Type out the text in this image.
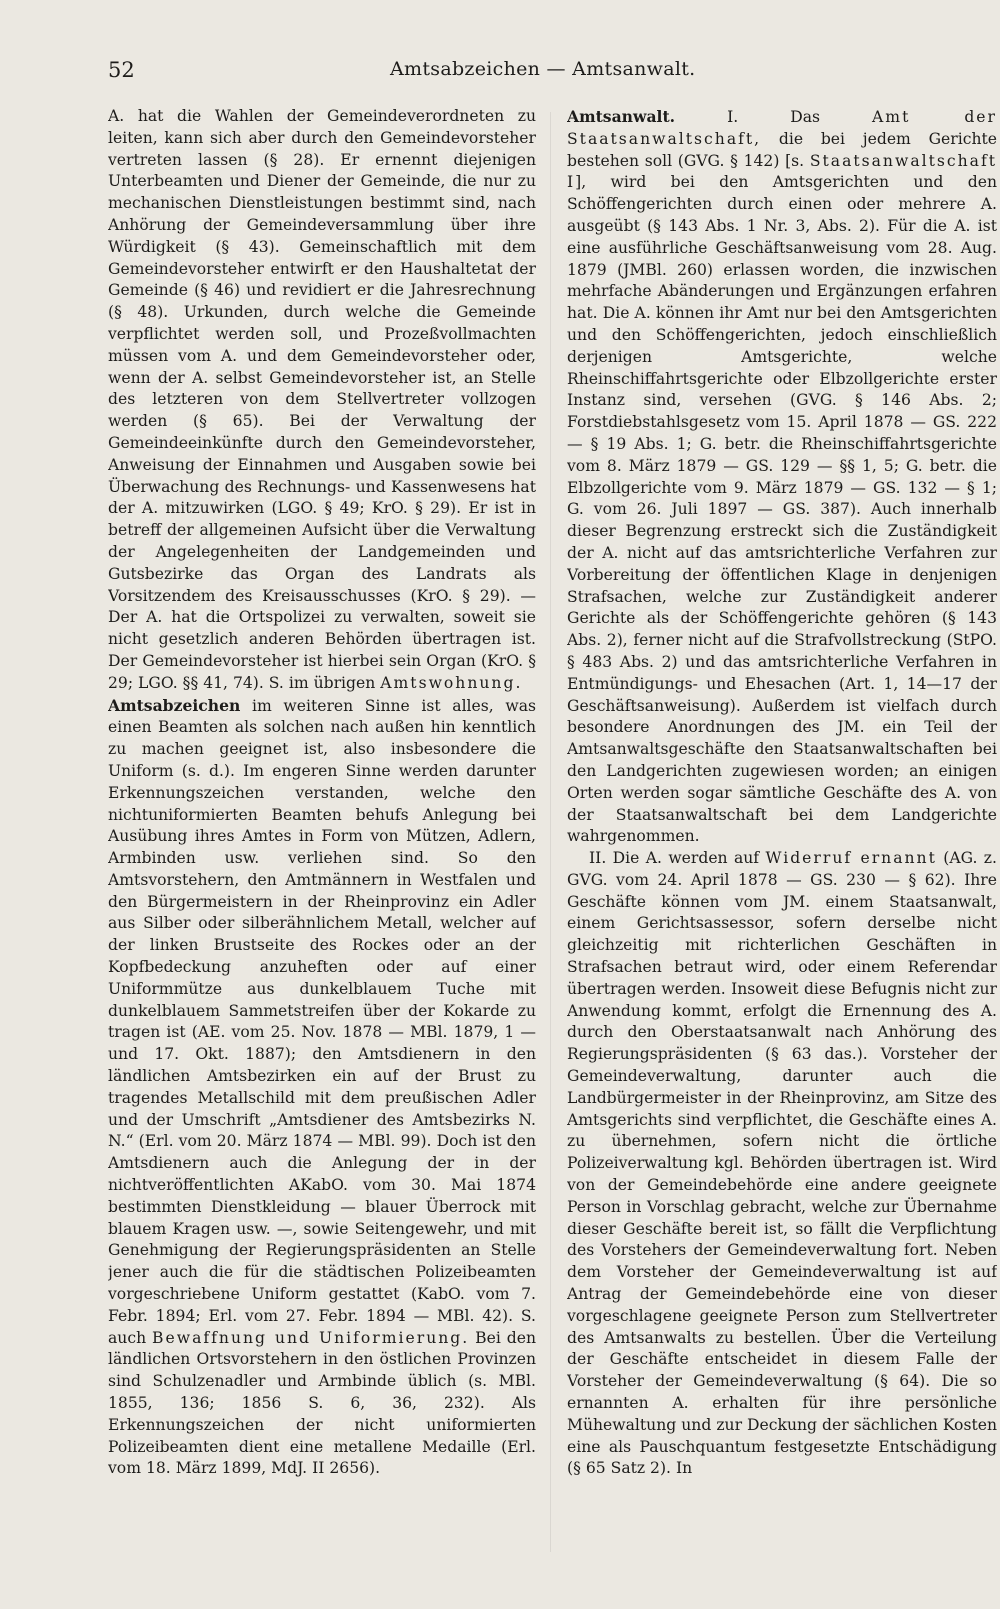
52	Amtsabzeichen — Amtsanwalt.

A. hat die Wahlen der Gemeindeverordneten zu leiten, kann sich aber durch den Gemeindevorsteher vertreten lassen (§ 28). Er ernennt diejenigen Unterbeamten und Diener der Gemeinde, die nur zu mechanischen Dienstleistungen bestimmt sind, nach Anhörung der Gemeindeversammlung über ihre Würdigkeit (§ 43). Gemeinschaftlich mit dem Gemeindevorsteher entwirft er den Haushaltetat der Gemeinde (§ 46) und revidiert er die Jahresrechnung (§ 48). Urkunden, durch welche die Gemeinde verpflichtet werden soll, und Prozeßvollmachten müssen vom A. und dem Gemeindevorsteher oder, wenn der A. selbst Gemeindevorsteher ist, an Stelle des letzteren von dem Stellvertreter vollzogen werden (§ 65). Bei der Verwaltung der Gemeindeeinkünfte durch den Gemeindevorsteher, Anweisung der Einnahmen und Ausgaben sowie bei Überwachung des Rechnungs- und Kassenwesens hat der A. mitzuwirken (LGO. § 49; KrO. § 29). Er ist in betreff der allgemeinen Aufsicht über die Verwaltung der Angelegenheiten der Landgemeinden und Gutsbezirke das Organ des Landrats als Vorsitzendem des Kreisausschusses (KrO. § 29). — Der A. hat die Ortspolizei zu verwalten, soweit sie nicht gesetzlich anderen Behörden übertragen ist. Der Gemeindevorsteher ist hierbei sein Organ (KrO. § 29; LGO. §§ 41, 74). S. im übrigen Amtswohnung.

Amtsabzeichen im weiteren Sinne ist alles, was einen Beamten als solchen nach außen hin kenntlich zu machen geeignet ist, also insbesondere die Uniform (s. d.). Im engeren Sinne werden darunter Erkennungszeichen verstanden, welche den nichtuniformierten Beamten behufs Anlegung bei Ausübung ihres Amtes in Form von Mützen, Adlern, Armbinden usw. verliehen sind. So den Amtsvorstehern, den Amtmännern in Westfalen und den Bürgermeistern in der Rheinprovinz ein Adler aus Silber oder silberähnlichem Metall, welcher auf der linken Brustseite des Rockes oder an der Kopfbedeckung anzuheften oder auf einer Uniformmütze aus dunkelblauem Tuche mit dunkelblauem Sammetstreifen über der Kokarde zu tragen ist (AE. vom 25. Nov. 1878 — MBl. 1879, 1 — und 17. Okt. 1887); den Amtsdienern in den ländlichen Amtsbezirken ein auf der Brust zu tragendes Metallschild mit dem preußischen Adler und der Umschrift „Amtsdiener des Amtsbezirks N. N.“ (Erl. vom 20. März 1874 — MBl. 99). Doch ist den Amtsdienern auch die Anlegung der in der nichtveröffentlichten AKabO. vom 30. Mai 1874 bestimmten Dienstkleidung — blauer Überrock mit blauem Kragen usw. —, sowie Seitengewehr, und mit Genehmigung der Regierungspräsidenten an Stelle jener auch die für die städtischen Polizeibeamten vorgeschriebene Uniform gestattet (KabO. vom 7. Febr. 1894; Erl. vom 27. Febr. 1894 — MBl. 42). S. auch Bewaffnung und Uniformierung. Bei den ländlichen Ortsvorstehern in den östlichen Provinzen sind Schulzenadler und Armbinde üblich (s. MBl. 1855, 136; 1856 S. 6, 36, 232). Als Erkennungszeichen der nicht uniformierten Polizeibeamten dient eine metallene Medaille (Erl. vom 18. März 1899, MdJ. II 2656).

Amtsanwalt. I. Das Amt der Staatsanwaltschaft, die bei jedem Gerichte bestehen soll (GVG. § 142) [s. Staatsanwaltschaft I], wird bei den Amtsgerichten und den Schöffengerichten durch einen oder mehrere A. ausgeübt (§ 143 Abs. 1 Nr. 3, Abs. 2). Für die A. ist eine ausführliche Geschäftsanweisung vom 28. Aug. 1879 (JMBl. 260) erlassen worden, die inzwischen mehrfache Abänderungen und Ergänzungen erfahren hat. Die A. können ihr Amt nur bei den Amtsgerichten und den Schöffengerichten, jedoch einschließlich derjenigen Amtsgerichte, welche Rheinschiffahrtsgerichte oder Elbzollgerichte erster Instanz sind, versehen (GVG. § 146 Abs. 2; Forstdiebstahlsgesetz vom 15. April 1878 — GS. 222 — § 19 Abs. 1; G. betr. die Rheinschiffahrtsgerichte vom 8. März 1879 — GS. 129 — §§ 1, 5; G. betr. die Elbzollgerichte vom 9. März 1879 — GS. 132 — § 1; G. vom 26. Juli 1897 — GS. 387). Auch innerhalb dieser Begrenzung erstreckt sich die Zuständigkeit der A. nicht auf das amtsrichterliche Verfahren zur Vorbereitung der öffentlichen Klage in denjenigen Strafsachen, welche zur Zuständigkeit anderer Gerichte als der Schöffengerichte gehören (§ 143 Abs. 2), ferner nicht auf die Strafvollstreckung (StPO. § 483 Abs. 2) und das amtsrichterliche Verfahren in Entmündigungs- und Ehesachen (Art. 1, 14—17 der Geschäftsanweisung). Außerdem ist vielfach durch besondere Anordnungen des JM. ein Teil der Amtsanwaltsgeschäfte den Staatsanwaltschaften bei den Landgerichten zugewiesen worden; an einigen Orten werden sogar sämtliche Geschäfte des A. von der Staatsanwaltschaft bei dem Landgerichte wahrgenommen.

II. Die A. werden auf Widerruf ernannt (AG. z. GVG. vom 24. April 1878 — GS. 230 — § 62). Ihre Geschäfte können vom JM. einem Staatsanwalt, einem Gerichtsassessor, sofern derselbe nicht gleichzeitig mit richterlichen Geschäften in Strafsachen betraut wird, oder einem Referendar übertragen werden. Insoweit diese Befugnis nicht zur Anwendung kommt, erfolgt die Ernennung des A. durch den Oberstaatsanwalt nach Anhörung des Regierungspräsidenten (§ 63 das.). Vorsteher der Gemeindeverwaltung, darunter auch die Landbürgermeister in der Rheinprovinz, am Sitze des Amtsgerichts sind verpflichtet, die Geschäfte eines A. zu übernehmen, sofern nicht die örtliche Polizeiverwaltung kgl. Behörden übertragen ist. Wird von der Gemeindebehörde eine andere geeignete Person in Vorschlag gebracht, welche zur Übernahme dieser Geschäfte bereit ist, so fällt die Verpflichtung des Vorstehers der Gemeindeverwaltung fort. Neben dem Vorsteher der Gemeindeverwaltung ist auf Antrag der Gemeindebehörde eine von dieser vorgeschlagene geeignete Person zum Stellvertreter des Amtsanwalts zu bestellen. Über die Verteilung der Geschäfte entscheidet in diesem Falle der Vorsteher der Gemeindeverwaltung (§ 64). Die so ernannten A. erhalten für ihre persönliche Mühewaltung und zur Deckung der sächlichen Kosten eine als Pauschquantum festgesetzte Entschädigung (§ 65 Satz 2). In
